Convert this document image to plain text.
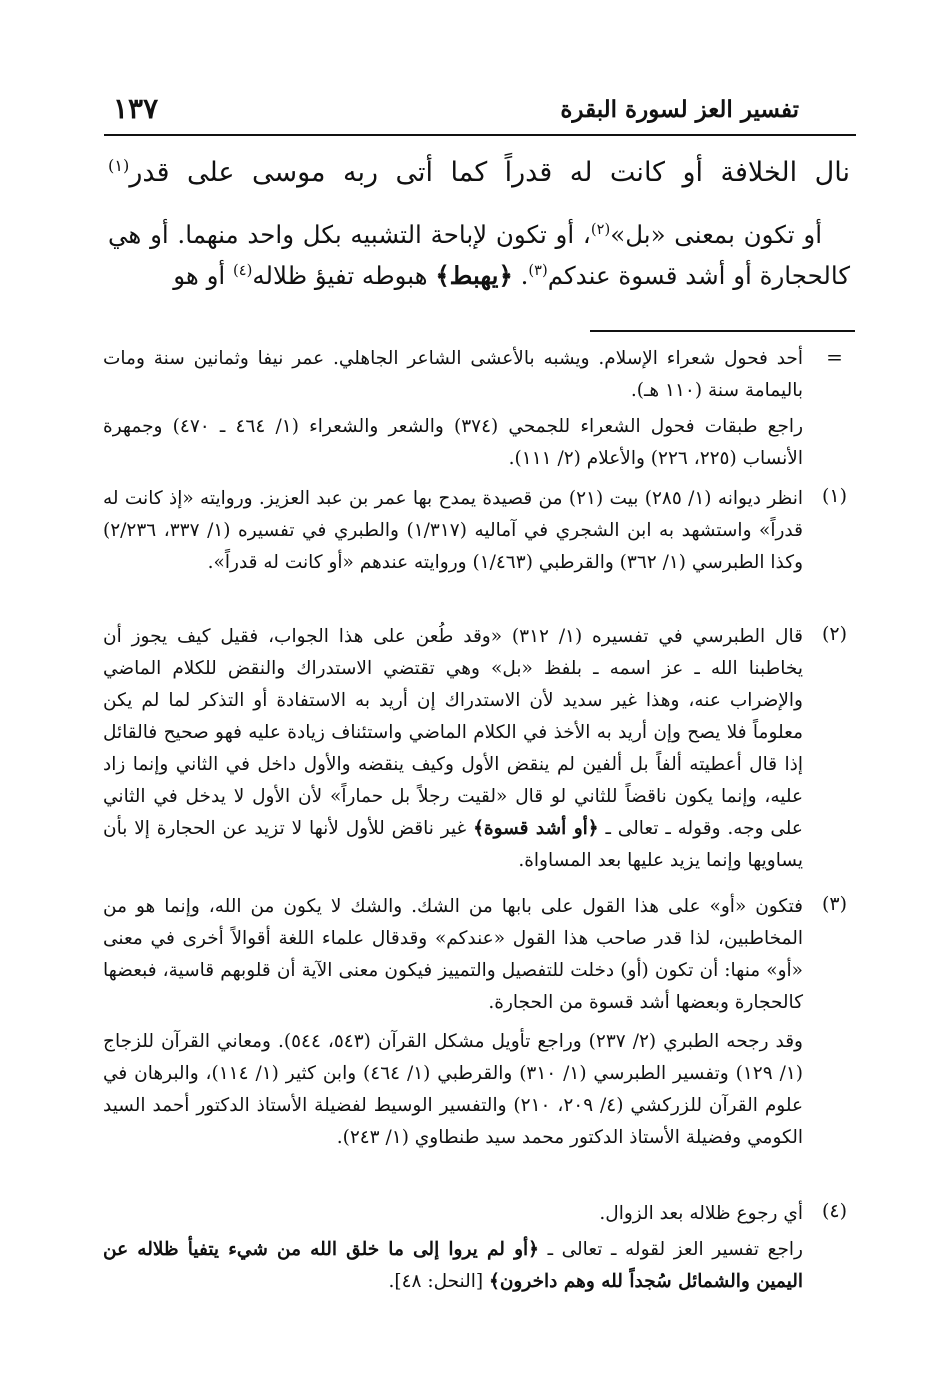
تفسير العز لسورة البقرة
١٣٧
نال الخلافة أو كانت له قدراً كما أتى ربه موسى على قدر$^{(١)}$
أو تكون بمعنى «بل»$^{(٢)}$، أو تكون لإباحة التشبيه بكل واحد منهما. أو هي كالحجارة أو أشد قسوة عندكم$^{(٣)}$. ﴿يهبط﴾ هبوطه تفيؤ ظلاله$^{(٤)}$ أو هو
=
أحد فحول شعراء الإسلام. ويشبه بالأعشى الشاعر الجاهلي. عمر نيفا وثمانين سنة ومات باليمامة سنة (١١٠ هـ).
راجع طبقات فحول الشعراء للجمحي (٣٧٤) والشعر والشعراء (١/ ٤٦٤ ـ ٤٧٠) وجمهرة الأنساب (٢٢٥، ٢٢٦) والأعلام (٢/ ١١١).
(١)
انظر ديوانه (١/ ٢٨٥) بيت (٢١) من قصيدة يمدح بها عمر بن عبد العزيز. وروايته «إذ كانت له قدراً» واستشهد به ابن الشجري في آماليه (١/٣١٧) والطبري في تفسيره (١/ ٣٣٧، ٢/٢٣٦) وكذا الطبرسي (١/ ٣٦٢) والقرطبي (١/٤٦٣) وروايته عندهم «أو كانت له قدراً».
(٢)
قال الطبرسي في تفسيره (١/ ٣١٢) «وقد طُعن على هذا الجواب، فقيل كيف يجوز أن يخاطبنا الله ـ عز اسمه ـ بلفظ «بل» وهي تقتضي الاستدراك والنقض للكلام الماضي والإضراب عنه، وهذا غير سديد لأن الاستدراك إن أريد به الاستفادة أو التذكر لما لم يكن معلوماً فلا يصح وإن أريد به الأخذ في الكلام الماضي واستئناف زيادة عليه فهو صحيح فالقائل إذا قال أعطيته ألفاً بل ألفين لم ينقض الأول وكيف ينقضه والأول داخل في الثاني وإنما زاد عليه، وإنما يكون ناقضاً للثاني لو قال «لقيت رجلاً بل حماراً» لأن الأول لا يدخل في الثاني على وجه. وقوله ـ تعالى ـ ﴿أو أشد قسوة﴾ غير ناقض للأول لأنها لا تزيد عن الحجارة إلا بأن يساويها وإنما يزيد عليها بعد المساواة.
(٣)
فتكون «أو» على هذا القول على بابها من الشك. والشك لا يكون من الله، وإنما هو من المخاطبين، لذا قدر صاحب هذا القول «عندكم» وقدقال علماء اللغة أقوالاً أخرى في معنى «أو» منها: أن تكون (أو) دخلت للتفصيل والتمييز فيكون معنى الآية أن قلوبهم قاسية، فبعضها كالحجارة وبعضها أشد قسوة من الحجارة.
وقد رجحه الطبري (٢/ ٢٣٧) وراجع تأويل مشكل القرآن (٥٤٣، ٥٤٤). ومعاني القرآن للزجاج (١/ ١٢٩) وتفسير الطبرسي (١/ ٣١٠) والقرطبي (١/ ٤٦٤) وابن كثير (١/ ١١٤)، والبرهان في علوم القرآن للزركشي (٤/ ٢٠٩، ٢١٠) والتفسير الوسيط لفضيلة الأستاذ الدكتور أحمد السيد الكومي وفضيلة الأستاذ الدكتور محمد سيد طنطاوي (١/ ٢٤٣).
(٤)
أي رجوع ظلاله بعد الزوال.
راجع تفسير العز لقوله ـ تعالى ـ ﴿أو لم يروا إلى ما خلق الله من شيء يتفيأ ظلاله عن اليمين والشمائل سُجداً لله وهم داخرون﴾ [النحل: ٤٨].
